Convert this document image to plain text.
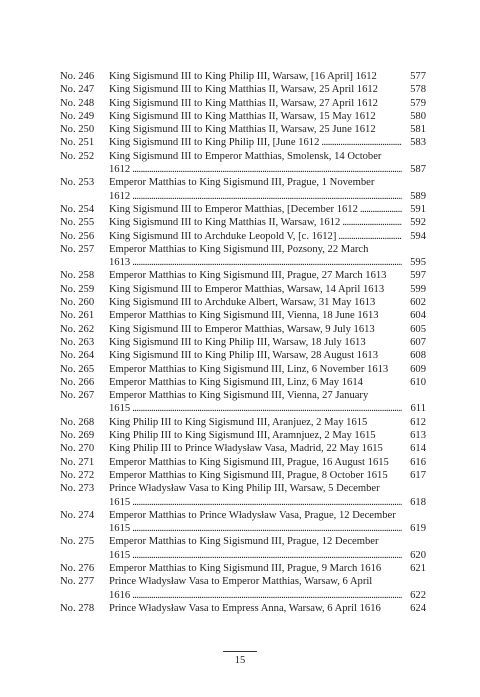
No. 246	King Sigismund III to King Philip III, Warsaw, [16 April] 1612	577
No. 247	King Sigismund III to King Matthias II, Warsaw, 25 April 1612	578
No. 248	King Sigismund III to King Matthias II, Warsaw, 27 April 1612	579
No. 249	King Sigismund III to King Matthias II, Warsaw, 15 May 1612	580
No. 250	King Sigismund III to King Matthias II, Warsaw, 25 June 1612	581
No. 251	King Sigismund III to King Philip III, [June 1612 . . .	583
No. 252	King Sigismund III to Emperor Matthias, Smolensk, 14 October
1612 . . .	587
No. 253	Emperor Matthias to King Sigismund III, Prague, 1 November
1612 . . .	589
No. 254	King Sigismund III to Emperor Matthias, [December 1612 . . .	591
No. 255	King Sigismund III to King Matthias II, Warsaw, 1612 . . .	592
No. 256	King Sigismund III to Archduke Leopold V, [c. 1612] . . .	594
No. 257	Emperor Matthias to King Sigismund III, Pozsony, 22 March
1613 . . .	595
No. 258	Emperor Matthias to King Sigismund III, Prague, 27 March 1613	597
No. 259	King Sigismund III to Emperor Matthias, Warsaw, 14 April 1613	599
No. 260	King Sigismund III to Archduke Albert, Warsaw, 31 May 1613	602
No. 261	Emperor Matthias to King Sigismund III, Vienna, 18 June 1613	604
No. 262	King Sigismund III to Emperor Matthias, Warsaw, 9 July 1613	605
No. 263	King Sigismund III to King Philip III, Warsaw, 18 July 1613	607
No. 264	King Sigismund III to King Philip III, Warsaw, 28 August 1613	608
No. 265	Emperor Matthias to King Sigismund III, Linz, 6 November 1613	609
No. 266	Emperor Matthias to King Sigismund III, Linz, 6 May 1614	610
No. 267	Emperor Matthias to King Sigismund III, Vienna, 27 January
1615 . . .	611
No. 268	King Philip III to King Sigismund III, Aranjuez, 2 May 1615	612
No. 269	King Philip III to King Sigismund III, Aramnjuez, 2 May 1615	613
No. 270	King Philip III to Prince Władysław Vasa, Madrid, 22 May 1615	614
No. 271	Emperor Matthias to King Sigismund III, Prague, 16 August 1615	616
No. 272	Emperor Matthias to King Sigismund III, Prague, 8 October 1615	617
No. 273	Prince Władysław Vasa to King Philip III, Warsaw, 5 December
1615 . . .	618
No. 274	Emperor Matthias to Prince Władysław Vasa, Prague, 12 December
1615 . . .	619
No. 275	Emperor Matthias to King Sigismund III, Prague, 12 December
1615 . . .	620
No. 276	Emperor Matthias to King Sigismund III, Prague, 9 March 1616	621
No. 277	Prince Władysław Vasa to Emperor Matthias, Warsaw, 6 April
1616 . . .	622
No. 278	Prince Władysław Vasa to Empress Anna, Warsaw, 6 April 1616	624
15
